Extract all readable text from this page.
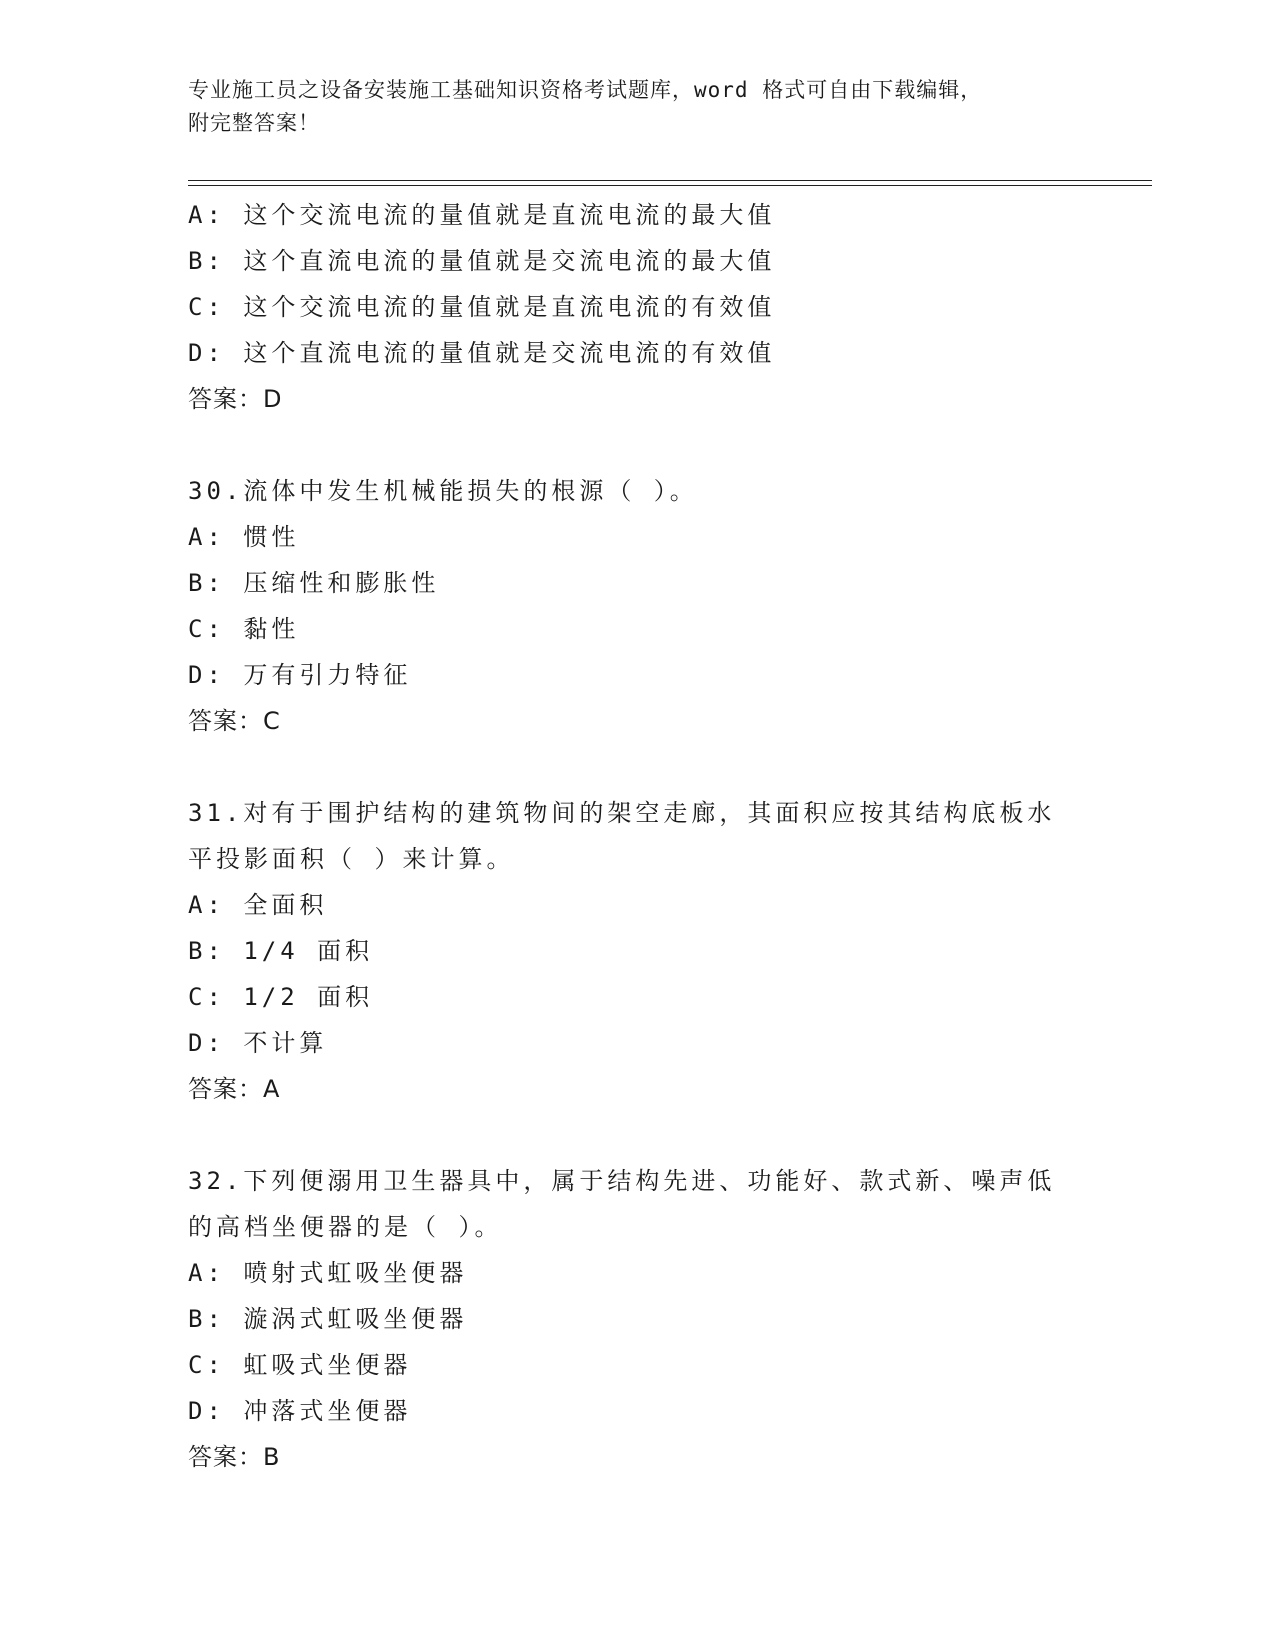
专业施工员之设备安装施工基础知识资格考试题库，word 格式可自由下载编辑，
附完整答案！
A: 这个交流电流的量值就是直流电流的最大值
B: 这个直流电流的量值就是交流电流的最大值
C: 这个交流电流的量值就是直流电流的有效值
D: 这个直流电流的量值就是交流电流的有效值
答案：D
30.流体中发生机械能损失的根源（ ）。
A: 惯性
B: 压缩性和膨胀性
C: 黏性
D: 万有引力特征
答案：C
31.对有于围护结构的建筑物间的架空走廊，其面积应按其结构底板水
平投影面积（ ）来计算。
A: 全面积
B: 1/4 面积
C: 1/2 面积
D: 不计算
答案：A
32.下列便溺用卫生器具中，属于结构先进、功能好、款式新、噪声低
的高档坐便器的是（ ）。
A: 喷射式虹吸坐便器
B: 漩涡式虹吸坐便器
C: 虹吸式坐便器
D: 冲落式坐便器
答案：B
